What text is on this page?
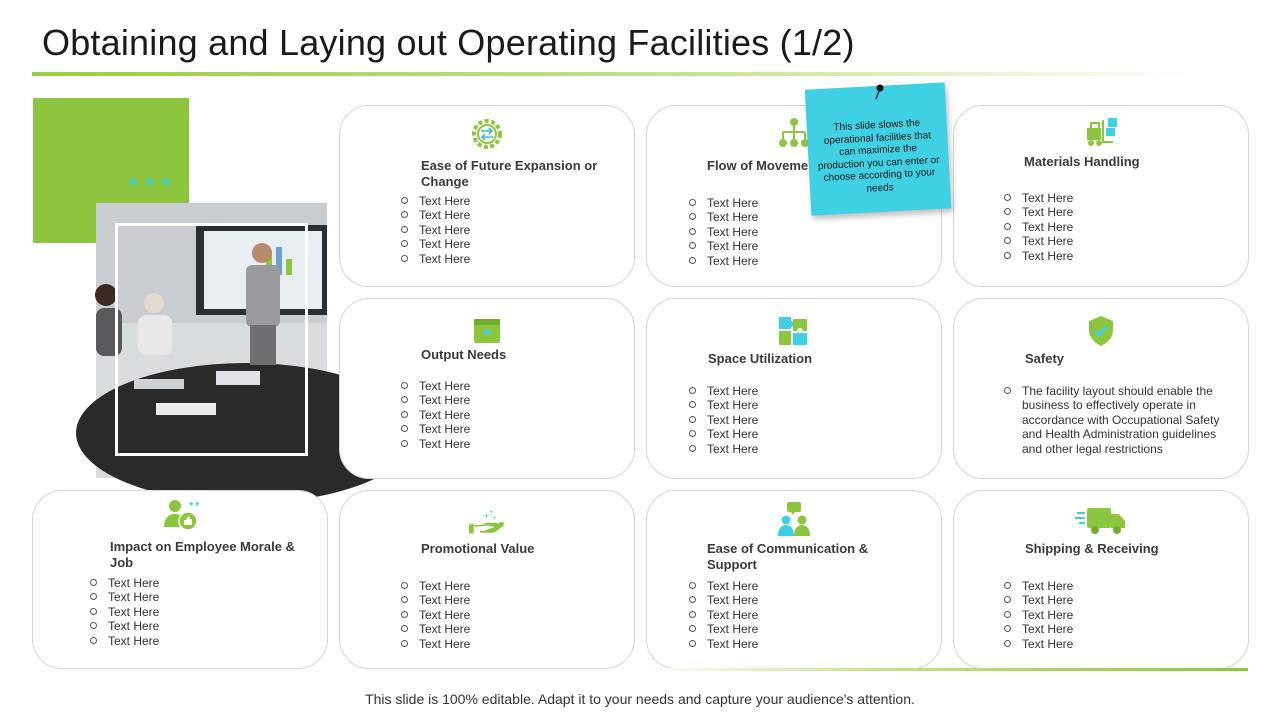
Obtaining and Laying out Operating Facilities (1/2)
+++
Ease of Future Expansion or Change
Text Here
Text Here
Text Here
Text Here
Text Here
Flow of Moveme
Text Here
Text Here
Text Here
Text Here
Text Here
Materials Handling
Text Here
Text Here
Text Here
Text Here
Text Here
Output Needs
Text Here
Text Here
Text Here
Text Here
Text Here
Space Utilization
Text Here
Text Here
Text Here
Text Here
Text Here
Safety

The facility layout should enable the business to effectively operate in accordance with Occupational Safety and Health Administration guidelines and other legal restrictions

★★
Impact on Employee Morale & Job
Text Here
Text Here
Text Here
Text Here
Text Here
+
+
+
Promotional Value
Text Here
Text Here
Text Here
Text Here
Text Here
Ease of Communication & Support
Text Here
Text Here
Text Here
Text Here
Text Here
Shipping & Receiving
Text Here
Text Here
Text Here
Text Here
Text Here
This slide slows the operational facilities that can maximize the production you can enter or choose according to your needs
This slide is 100% editable. Adapt it to your needs and capture your audience's attention.
